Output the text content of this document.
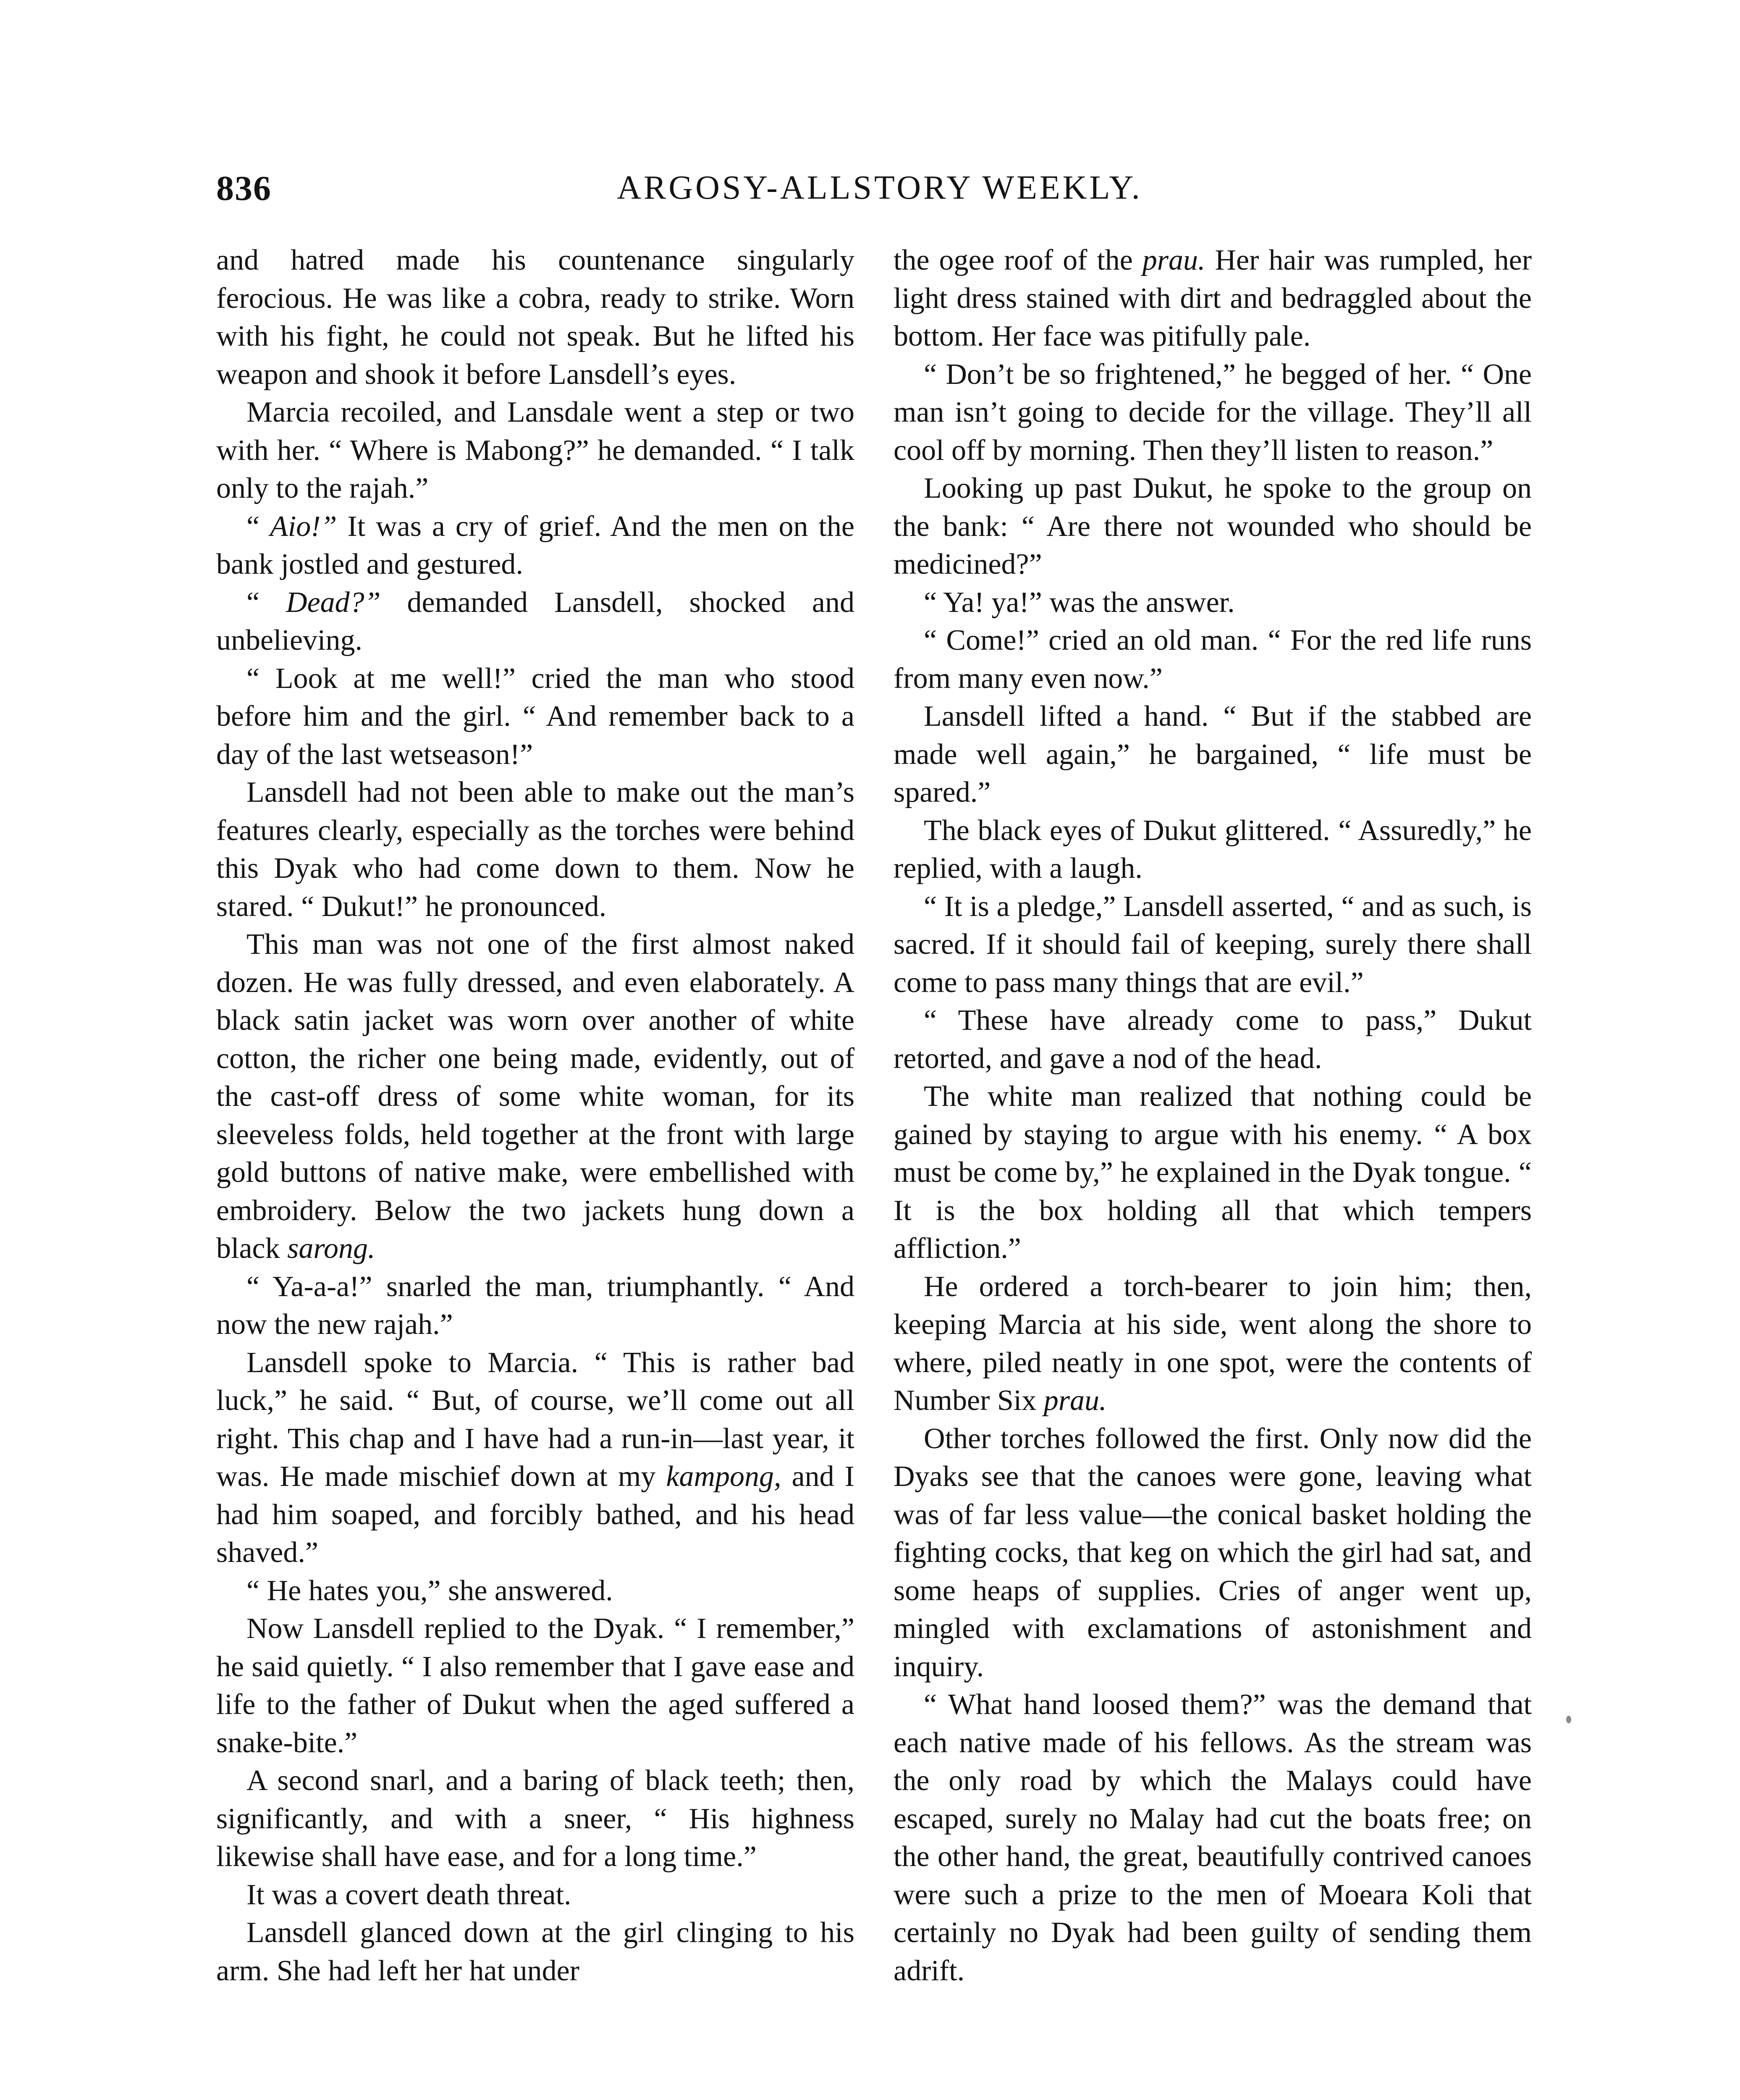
836	ARGOSY-ALLSTORY WEEKLY.

and hatred made his countenance singularly ferocious. He was like a cobra, ready to strike. Worn with his fight, he could not speak. But he lifted his weapon and shook it before Lansdell’s eyes.

Marcia recoiled, and Lansdale went a step or two with her. “ Where is Mabong?” he demanded. “ I talk only to the rajah.”

“ Aio!” It was a cry of grief. And the men on the bank jostled and gestured.

“ Dead?” demanded Lansdell, shocked and unbelieving.

“ Look at me well!” cried the man who stood before him and the girl. “ And remember back to a day of the last wetseason!”

Lansdell had not been able to make out the man’s features clearly, especially as the torches were behind this Dyak who had come down to them. Now he stared. “ Dukut!” he pronounced.

This man was not one of the first almost naked dozen. He was fully dressed, and even elaborately. A black satin jacket was worn over another of white cotton, the richer one being made, evidently, out of the cast-off dress of some white woman, for its sleeveless folds, held together at the front with large gold buttons of native make, were embellished with embroidery. Below the two jackets hung down a black sarong.

“ Ya-a-a!” snarled the man, triumphantly. “ And now the new rajah.”

Lansdell spoke to Marcia. “ This is rather bad luck,” he said. “ But, of course, we’ll come out all right. This chap and I have had a run-in—last year, it was. He made mischief down at my kampong, and I had him soaped, and forcibly bathed, and his head shaved.”

“ He hates you,” she answered.

Now Lansdell replied to the Dyak. “ I remember,” he said quietly. “ I also remember that I gave ease and life to the father of Dukut when the aged suffered a snake-bite.”

A second snarl, and a baring of black teeth; then, significantly, and with a sneer, “ His highness likewise shall have ease, and for a long time.”

It was a covert death threat.

Lansdell glanced down at the girl clinging to his arm. She had left her hat under

the ogee roof of the prau. Her hair was rumpled, her light dress stained with dirt and bedraggled about the bottom. Her face was pitifully pale.

“ Don’t be so frightened,” he begged of her. “ One man isn’t going to decide for the village. They’ll all cool off by morning. Then they’ll listen to reason.”

Looking up past Dukut, he spoke to the group on the bank: “ Are there not wounded who should be medicined?”

“ Ya! ya!” was the answer.

“ Come!” cried an old man. “ For the red life runs from many even now.”

Lansdell lifted a hand. “ But if the stabbed are made well again,” he bargained, “ life must be spared.”

The black eyes of Dukut glittered. “ Assuredly,” he replied, with a laugh.

“ It is a pledge,” Lansdell asserted, “ and as such, is sacred. If it should fail of keeping, surely there shall come to pass many things that are evil.”

“ These have already come to pass,” Dukut retorted, and gave a nod of the head.

The white man realized that nothing could be gained by staying to argue with his enemy. “ A box must be come by,” he explained in the Dyak tongue. “ It is the box holding all that which tempers affliction.”

He ordered a torch-bearer to join him; then, keeping Marcia at his side, went along the shore to where, piled neatly in one spot, were the contents of Number Six prau.

Other torches followed the first. Only now did the Dyaks see that the canoes were gone, leaving what was of far less value—the conical basket holding the fighting cocks, that keg on which the girl had sat, and some heaps of supplies. Cries of anger went up, mingled with exclamations of astonishment and inquiry.

“ What hand loosed them?” was the demand that each native made of his fellows. As the stream was the only road by which the Malays could have escaped, surely no Malay had cut the boats free; on the other hand, the great, beautifully contrived canoes were such a prize to the men of Moeara Koli that certainly no Dyak had been guilty of sending them adrift.
